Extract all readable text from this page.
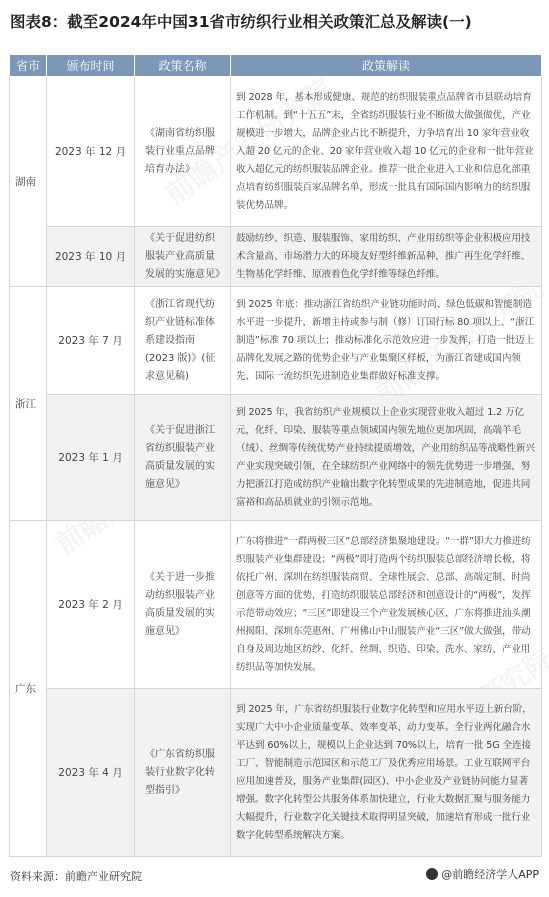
图表8：截至2024年中国31省市纺织行业相关政策汇总及解读(一)
省市	颁布时间	政策名称	政策解读
湖南	2023 年 12 月	《湖南省纺织服装行业重点品牌培育办法》	到 2028 年，基本形成健康、规范的纺织服装重点品牌省市县联动培育工作机制。到“十五五”末，全省纺织服装行业不断做大做强做优，产业规模进一步增大，品牌企业占比不断提升，力争培育出 10 家年营业收入超 20 亿元的企业、20 家年营业收入超 10 亿元的企业和一批年营业收入超亿元的纺织服装品牌企业。推荐一批企业进入工业和信息化部重点培育纺织服装百家品牌名单，形成一批具有国际国内影响力的纺织服装优势品牌。
	2023 年 10 月	《关于促进纺织服装产业高质量发展的实施意见》	鼓励纺纱、织造、服装服饰、家用纺织、产业用纺织等企业积极应用技术含量高、市场潜力大的环境友好型纤维新品种，推广再生化学纤维、生物基化学纤维、原液着色化学纤维等绿色纤维。
浙江	2023 年 7 月	《浙江省现代纺织产业链标准体系建设指南(2023 版)》(征求意见稿)	到 2025 年底：推动浙江省纺织产业链功能时尚、绿色低碳和智能制造水平进一步提升，新增主持或参与制（修）订国行标 80 项以上、“浙江制造”标准 70 项以上；推动标准化示范效应进一步发挥，打造一批迈上品牌化发展之路的优势企业与产业集聚区样板，为浙江省建成国内领先、国际一流纺织先进制造业集群做好标准支撑。
	2023 年 1 月	《关于促进浙江省纺织服装产业高质量发展的实施意见》	到 2025 年，我省纺织产业规模以上企业实现营业收入超过 1.2 万亿元，化纤、印染、服装等重点领域国内领先地位更加巩固，高端羊毛（绒）、丝绸等传统优势产业持续提质增效，产业用纺织品等战略性新兴产业实现突破引领，在全球纺织产业网络中的领先优势进一步增强，努力把浙江打造成纺织产业输出数字化转型成果的先进制造地，促进共同富裕和高品质就业的引领示范地。
广东	2023 年 2 月	《关于进一步推动纺织服装产业高质量发展的实施意见》	广东将推进“一群两极三区”总部经济集聚地建设。“一群”即大力推进纺织服装产业集群建设；“两极”即打造两个纺织服装总部经济增长极，将依托广州、深圳在纺织服装商贸、全球性展会、总部、高端定制、时尚创意等方面的优势，打造纺织服装总部经济和创意设计的“两极”，发挥示范带动效应；“三区”即建设三个产业发展核心区，广东将推进汕头潮州揭阳、深圳东莞惠州、广州佛山中山服装产业“三区”做大做强，带动自身及周边地区纺纱、化纤、丝绸、织造、印染、洗水、家纺、产业用纺织品等加快发展。
	2023 年 4 月	《广东省纺织服装行业数字化转型指引》	到 2025 年，广东省纺织服装行业数字化转型和应用水平迈上新台阶，实现广大中小企业质量变革、效率变革、动力变革。全行业两化融合水平达到 60%以上，规模以上企业达到 70%以上，培育一批 5G 全连接工厂、智能制造示范园区和示范工厂及优秀应用场景。工业互联网平台应用加速普及，服务产业集群(园区)、中小企业及产业链协同能力显著增强。数字化转型公共服务体系加快建立，行业大数据汇聚与服务能力大幅提升，行业数字化关键技术取得明显突破，加速培育形成一批行业数字化转型系统解决方案。
资料来源：前瞻产业研究院	@前瞻经济学人APP
